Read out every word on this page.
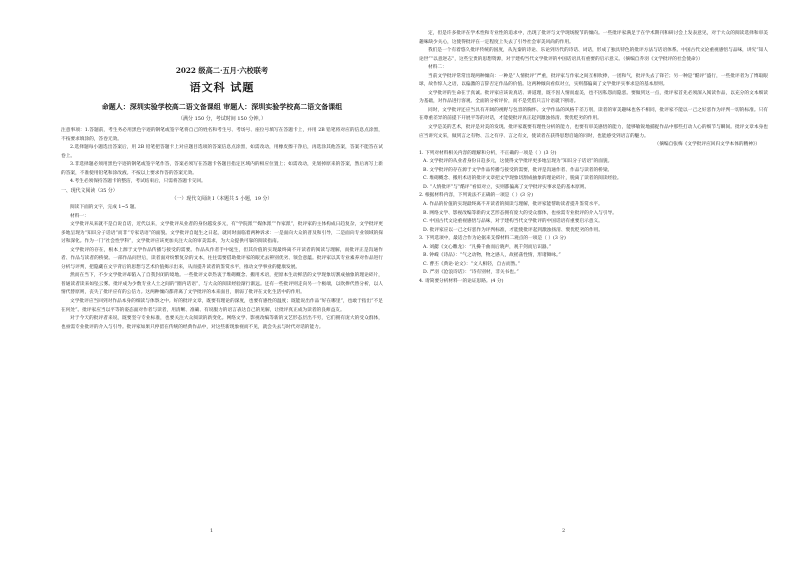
2022 级高二·五月·六校联考
语文科 试题
命题人：深圳实验学校高二语文备课组 审题人：深圳实验学校高二语文备课组
（满分 150 分，考试时间 150 分钟。）

注意事项：1.答题前，考生务必用黑色字迹的钢笔或签字笔将自己的姓名和考生号、考场号、座位号填写在答题卡上，并用 2B 铅笔将对应的信息点涂黑，不按要求填涂的，答卷无效。

2.选择题每小题选出答案后，用 2B 铅笔把答题卡上对应题目选项的答案信息点涂黑，如需改动，用橡皮擦干净后，再选涂其他答案，答案不能答在试卷上。

3.非选择题必须用黑色字迹的钢笔或签字笔作答，答案必须写在答题卡各题目指定区域内的相应位置上；如需改动，先划掉原来的答案，然后再写上新的答案，不准使用铅笔和涂改液。不按以上要求作答的答案无效。

4.考生必须保持答题卡的整洁，考试结束后，只需将答题卡交回。

一、现代文阅读（35 分）

（一）现代文阅读 Ⅰ（本题共 5 小题，19 分）

阅读下面的文字，完成 1~5 题。

材料一：

文学批评从来就不是自说自话，近代以来，文学批评从业者的身份越发多元，有“学院派”“媒体派”“作家派”，批评家的主体构成日趋复杂，文学批评更多地呈现为“知识分子话语”而非“专家话语”的面貌。文学批评自诞生之日起，就同时面临着两种诉求：一是面向大众的普及和引导，二是面向专业领域的探讨和深化。作为一门“社会性学科”，文学批评应该更加关注大众的审美需求，为大众提供可靠的阅读指南。

文学批评的存在，根本上源于文学作品传播与接受的需要。作品从作者手中诞生，但其价值的实现最终离不开读者的阅读与理解，而批评正是沟通作者、作品与读者的桥梁。一部作品问世后，读者面对纷繁复杂的文本，往往需要借助批评家的眼光去辨别优劣、领会意蕴。批评家以其专业素养对作品进行分析与评判，把隐藏在文字背后的思想与艺术价值揭示出来，从而提升读者的鉴赏水平，推动文学事业的健康发展。

然而在当下，不少文学批评却陷入了自我封闭的境地。一些批评文章热衷于堆砌概念、搬用术语，把原本生动鲜活的文学现象切割成抽象的理论碎片，普通读者读来如坠云雾。批评成为少数专业人士之间的“圈内话语”，与大众的阅读经验渐行渐远。还有一些批评则走向另一个极端，以吹捧代替分析，以人情代替原则，丧失了批评应有的公信力。这两种倾向都背离了文学批评的本来面目，削弱了批评在文化生活中的作用。

文学批评应当回到对作品本身的细读与体察之中。好的批评文章，既要有理论的深度，也要有感性的温度；既能说出作品“好在哪里”，也敢于指出“不足在何处”。批评家应当以平等的姿态面对作者与读者，用清晰、准确、有说服力的语言表达自己的见解，让批评真正成为读者的良师益友。

对于今天的批评者来说，既要坚守专业标准，也要关注大众阅读的新变化。网络文学、影视改编等新的文艺形态层出不穷，它们拥有庞大的受众群体，也亟需专业批评的介入与引导。批评家如果只停留在传统的经典作品中，对这些新现象视而不见，就会失去与时代对话的能力。

1

定，但是许多批评在学术性和专业性的追求中，出现了批评与文学现场脱节的倾向。一些批评家满足于在学术期刊和研讨会上发表意见，对于大众的阅读选择和审美趣味缺少关心，这使得批评在一定程度上失去了引导社会审美风尚的作用。

我们是一个有着悠久批评传统的国度，从先秦的诗论、乐论到历代的诗话、词话，形成了独具特色的批评方法与话语体系。中国古代文论重视感悟与品味，讲究“知人论世”“以意逆志”，这些宝贵的思想资源，对于建构当代文学批评的中国话语具有重要的启示意义。（摘编自乔羽《文学批评的社会使命》）

材料二：

当前文学批评常常出现两种倾向：一种是“人情批评”严重，批评家与作家之间互相吹捧，一团和气，批评失去了锋芒；另一种是“酷评”盛行，一些批评者为了博取眼球，故作惊人之语，以偏激的言辞否定作品的价值。这两种倾向看似对立，实则都偏离了文学批评实事求是的基本原则。

文学批评的生命在于真诚。批评家应该说真话、讲道理，既不因人情而虚美，也不因私怨而隐恶。要做到这一点，批评家首先必须深入阅读作品，以充分的文本细读为基础，对作品进行客观、全面的分析评价，而不是凭借只言片语就下断语。

同时，文学批评还应当具有开阔的视野与包容的胸怀。文学作品的风格千差万别，读者的审美趣味也各不相同，批评家不能以一己之好恶作为评判一切的标准。只有在尊重差异的前提下开展平等的对话，才能使批评真正起到激浊扬清、褒优贬劣的作用。

文学是美的艺术，批评是对美的发现。批评家既要有理性分析的能力，也要有审美感悟的能力，能够敏锐地捕捉作品中那些打动人心的细节与瞬间。批评文章本身也应当讲究文采，做到言之有物、言之有序、言之有文，使读者在获得思想启迪的同时，也能感受到语言的魅力。

（摘编自张梅《文学批评应回归文学本体的精神》）

1. 下列对材料相关内容的理解和分析，不正确的一项是（ ）(3 分)

A. 文学批评的从业者身份日趋多元，这使得文学批评更多地呈现为“知识分子话语”的面貌。

B. 文学批评的存在源于文学作品传播与接受的需要，批评是沟通作者、作品与读者的桥梁。

C. 堆砌概念、搬用术语的批评文章把文学现象切割成抽象的理论碎片，脱离了读者的阅读经验。

D. “人情批评”与“酷评”看似对立，实则都偏离了文学批评实事求是的基本原则。

2. 根据材料内容，下列说法不正确的一项是（ ）(3 分)

A. 作品的价值的实现最终离不开读者的阅读与理解，批评家能帮助读者提升鉴赏水平。

B. 网络文学、影视改编等新的文艺形态拥有庞大的受众群体，也亟需专业批评的介入与引导。

C. 中国古代文论重视感悟与品味，对于建构当代文学批评的中国话语有重要启示意义。

D. 批评家应以一己之好恶作为评判标准，才能使批评起到激浊扬清、褒优贬劣的作用。

3. 下列选项中，最适合作为论据来支撑材料二观点的一项是（ ）(3 分)

A. 刘勰《文心雕龙》：“凡操千曲而后晓声，观千剑而后识器。”

B. 钟嵘《诗品》：“气之动物，物之感人，故摇荡性情，形诸舞咏。”

C. 曹丕《典论·论文》：“文人相轻，自古而然。”

D. 严羽《沧浪诗话》：“诗有别材，非关书也。”

4. 请简要分析材料一的论证思路。(4 分)

2
